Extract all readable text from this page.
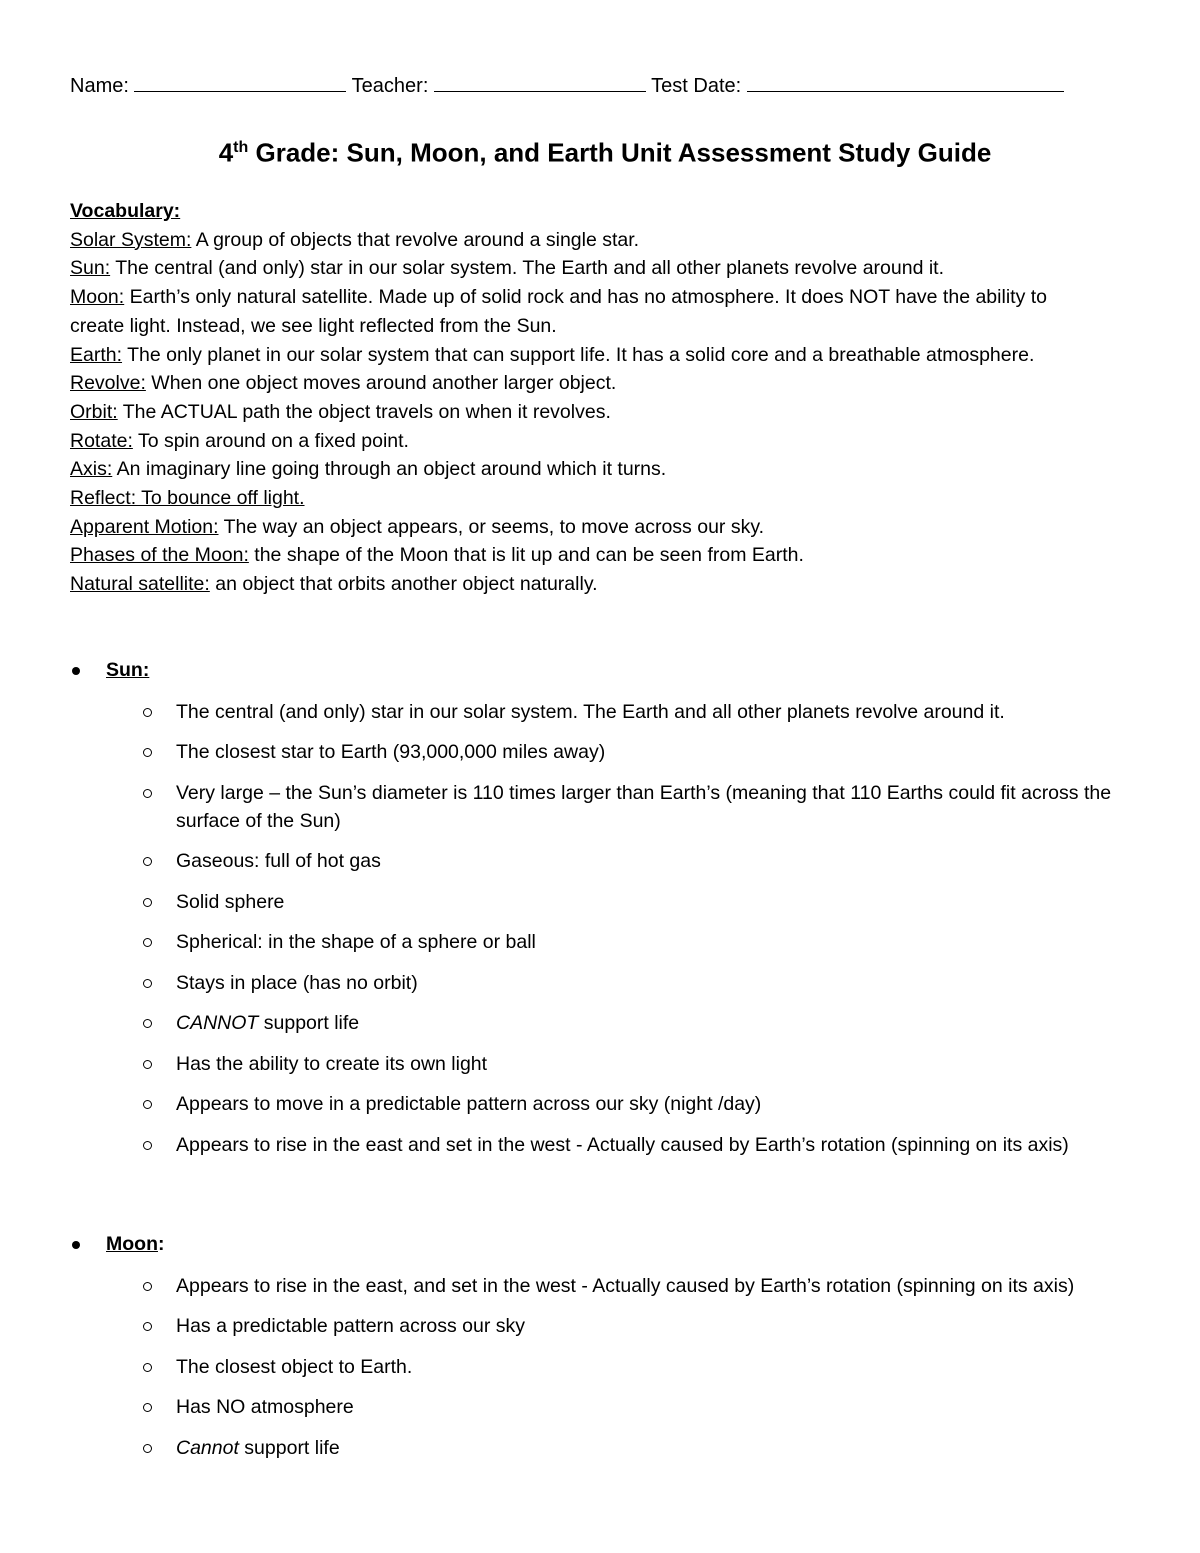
Name:	Teacher:	Test Date:
4th Grade: Sun, Moon, and Earth Unit Assessment Study Guide

Vocabulary:

Solar System: A group of objects that revolve around a single star.

Sun: The central (and only) star in our solar system. The Earth and all other planets revolve around it.

Moon: Earth’s only natural satellite. Made up of solid rock and has no atmosphere. It does NOT have the ability to create light. Instead, we see light reflected from the Sun.

Earth: The only planet in our solar system that can support life. It has a solid core and a breathable atmosphere.

Revolve: When one object moves around another larger object.

Orbit: The ACTUAL path the object travels on when it revolves.

Rotate: To spin around on a fixed point.

Axis: An imaginary line going through an object around which it turns.

Reflect: To bounce off light.

Apparent Motion: The way an object appears, or seems, to move across our sky.

Phases of the Moon: the shape of the Moon that is lit up and can be seen from Earth.

Natural satellite: an object that orbits another object naturally.

Sun:
The central (and only) star in our solar system. The Earth and all other planets revolve around it.
The closest star to Earth (93,000,000 miles away)
Very large – the Sun’s diameter is 110 times larger than Earth’s (meaning that 110 Earths could fit across the surface of the Sun)
Gaseous: full of hot gas
Solid sphere
Spherical: in the shape of a sphere or ball
Stays in place (has no orbit)
CANNOT support life
Has the ability to create its own light
Appears to move in a predictable pattern across our sky (night /day)
Appears to rise in the east and set in the west - Actually caused by Earth’s rotation (spinning on its axis)
Moon:
Appears to rise in the east, and set in the west - Actually caused by Earth’s rotation (spinning on its axis)
Has a predictable pattern across our sky
The closest object to Earth.
Has NO atmosphere
Cannot support life
